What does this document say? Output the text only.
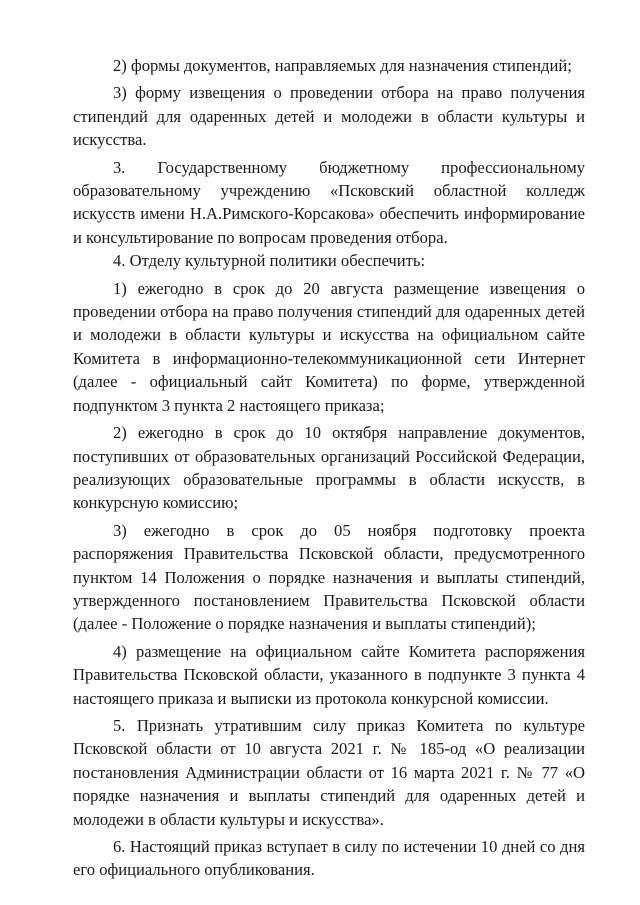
2) формы документов, направляемых для назначения стипендий;

3) форму извещения о проведении отбора на право получения стипендий для одаренных детей и молодежи в области культуры и искусства.

3. Государственному бюджетному профессиональному образовательному учреждению «Псковский областной колледж искусств имени Н.А.Римского-Корсакова» обеспечить информирование и консультирование по вопросам проведения отбора.

4. Отделу культурной политики обеспечить:

1) ежегодно в срок до 20 августа размещение извещения о проведении отбора на право получения стипендий для одаренных детей и молодежи в области культуры и искусства на официальном сайте Комитета в информационно-телекоммуникационной сети Интернет (далее - официальный сайт Комитета) по форме, утвержденной подпунктом 3 пункта 2 настоящего приказа;

2) ежегодно в срок до 10 октября направление документов, поступивших от образовательных организаций Российской Федерации, реализующих образовательные программы в области искусств, в конкурсную комиссию;

3) ежегодно в срок до 05 ноября подготовку проекта распоряжения Правительства Псковской области, предусмотренного пунктом 14 Положения о порядке назначения и выплаты стипендий, утвержденного постановлением Правительства Псковской области (далее - Положение о порядке назначения и выплаты стипендий);

4) размещение на официальном сайте Комитета распоряжения Правительства Псковской области, указанного в подпункте 3 пункта 4 настоящего приказа и выписки из протокола конкурсной комиссии.

5. Признать утратившим силу приказ Комитета по культуре Псковской области от 10 августа 2021 г. № 185-од «О реализации постановления Администрации области от 16 марта 2021 г. № 77 «О порядке назначения и выплаты стипендий для одаренных детей и молодежи в области культуры и искусства».

6. Настоящий приказ вступает в силу по истечении 10 дней со дня его официального опубликования.
